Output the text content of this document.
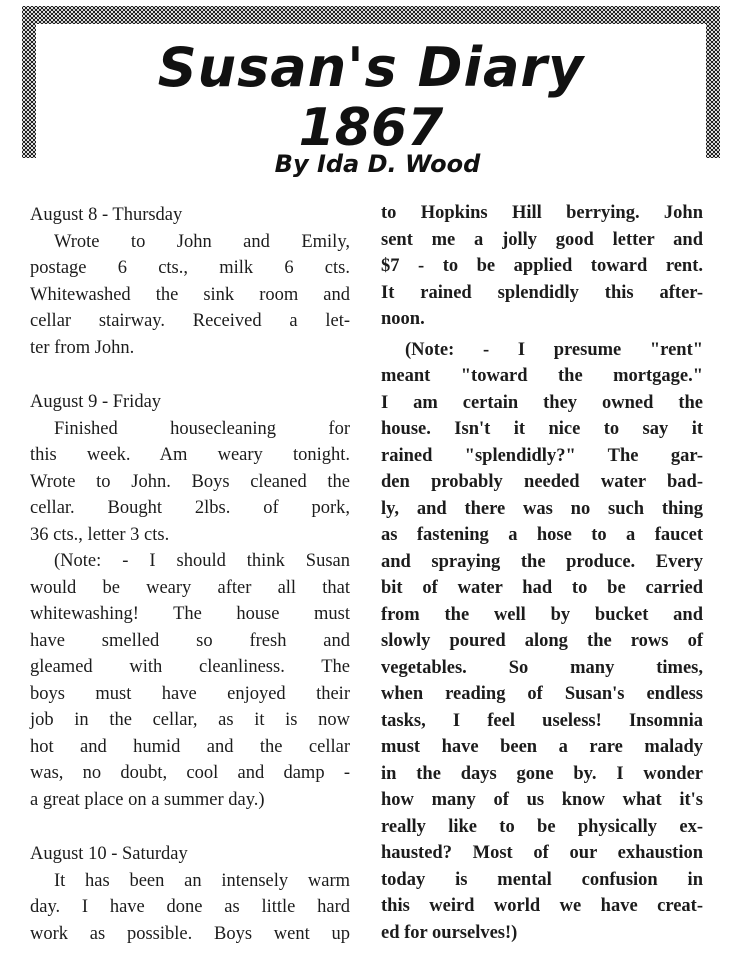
Susan's Diary
1867
By Ida D. Wood
August 8 - Thursday
Wrote to John and Emily,
postage 6 cts., milk 6 cts.
Whitewashed the sink room and
cellar stairway. Received a let-
ter from John.
August 9 - Friday
Finished housecleaning for
this week. Am weary tonight.
Wrote to John. Boys cleaned the
cellar. Bought 2lbs. of pork,
36 cts., letter 3 cts.
(Note: - I should think Susan
would be weary after all that
whitewashing! The house must
have smelled so fresh and
gleamed with cleanliness. The
boys must have enjoyed their
job in the cellar, as it is now
hot and humid and the cellar
was, no doubt, cool and damp -
a great place on a summer day.)
August 10 - Saturday
It has been an intensely warm
day. I have done as little hard
work as possible. Boys went up
to Hopkins Hill berrying. John
sent me a jolly good letter and
$7 - to be applied toward rent.
It rained splendidly this after-
noon.
(Note: - I presume "rent"
meant "toward the mortgage."
I am certain they owned the
house. Isn't it nice to say it
rained "splendidly?" The gar-
den probably needed water bad-
ly, and there was no such thing
as fastening a hose to a faucet
and spraying the produce. Every
bit of water had to be carried
from the well by bucket and
slowly poured along the rows of
vegetables. So many times,
when reading of Susan's endless
tasks, I feel useless! Insomnia
must have been a rare malady
in the days gone by. I wonder
how many of us know what it's
really like to be physically ex-
hausted? Most of our exhaustion
today is mental confusion in
this weird world we have creat-
ed for ourselves!)
